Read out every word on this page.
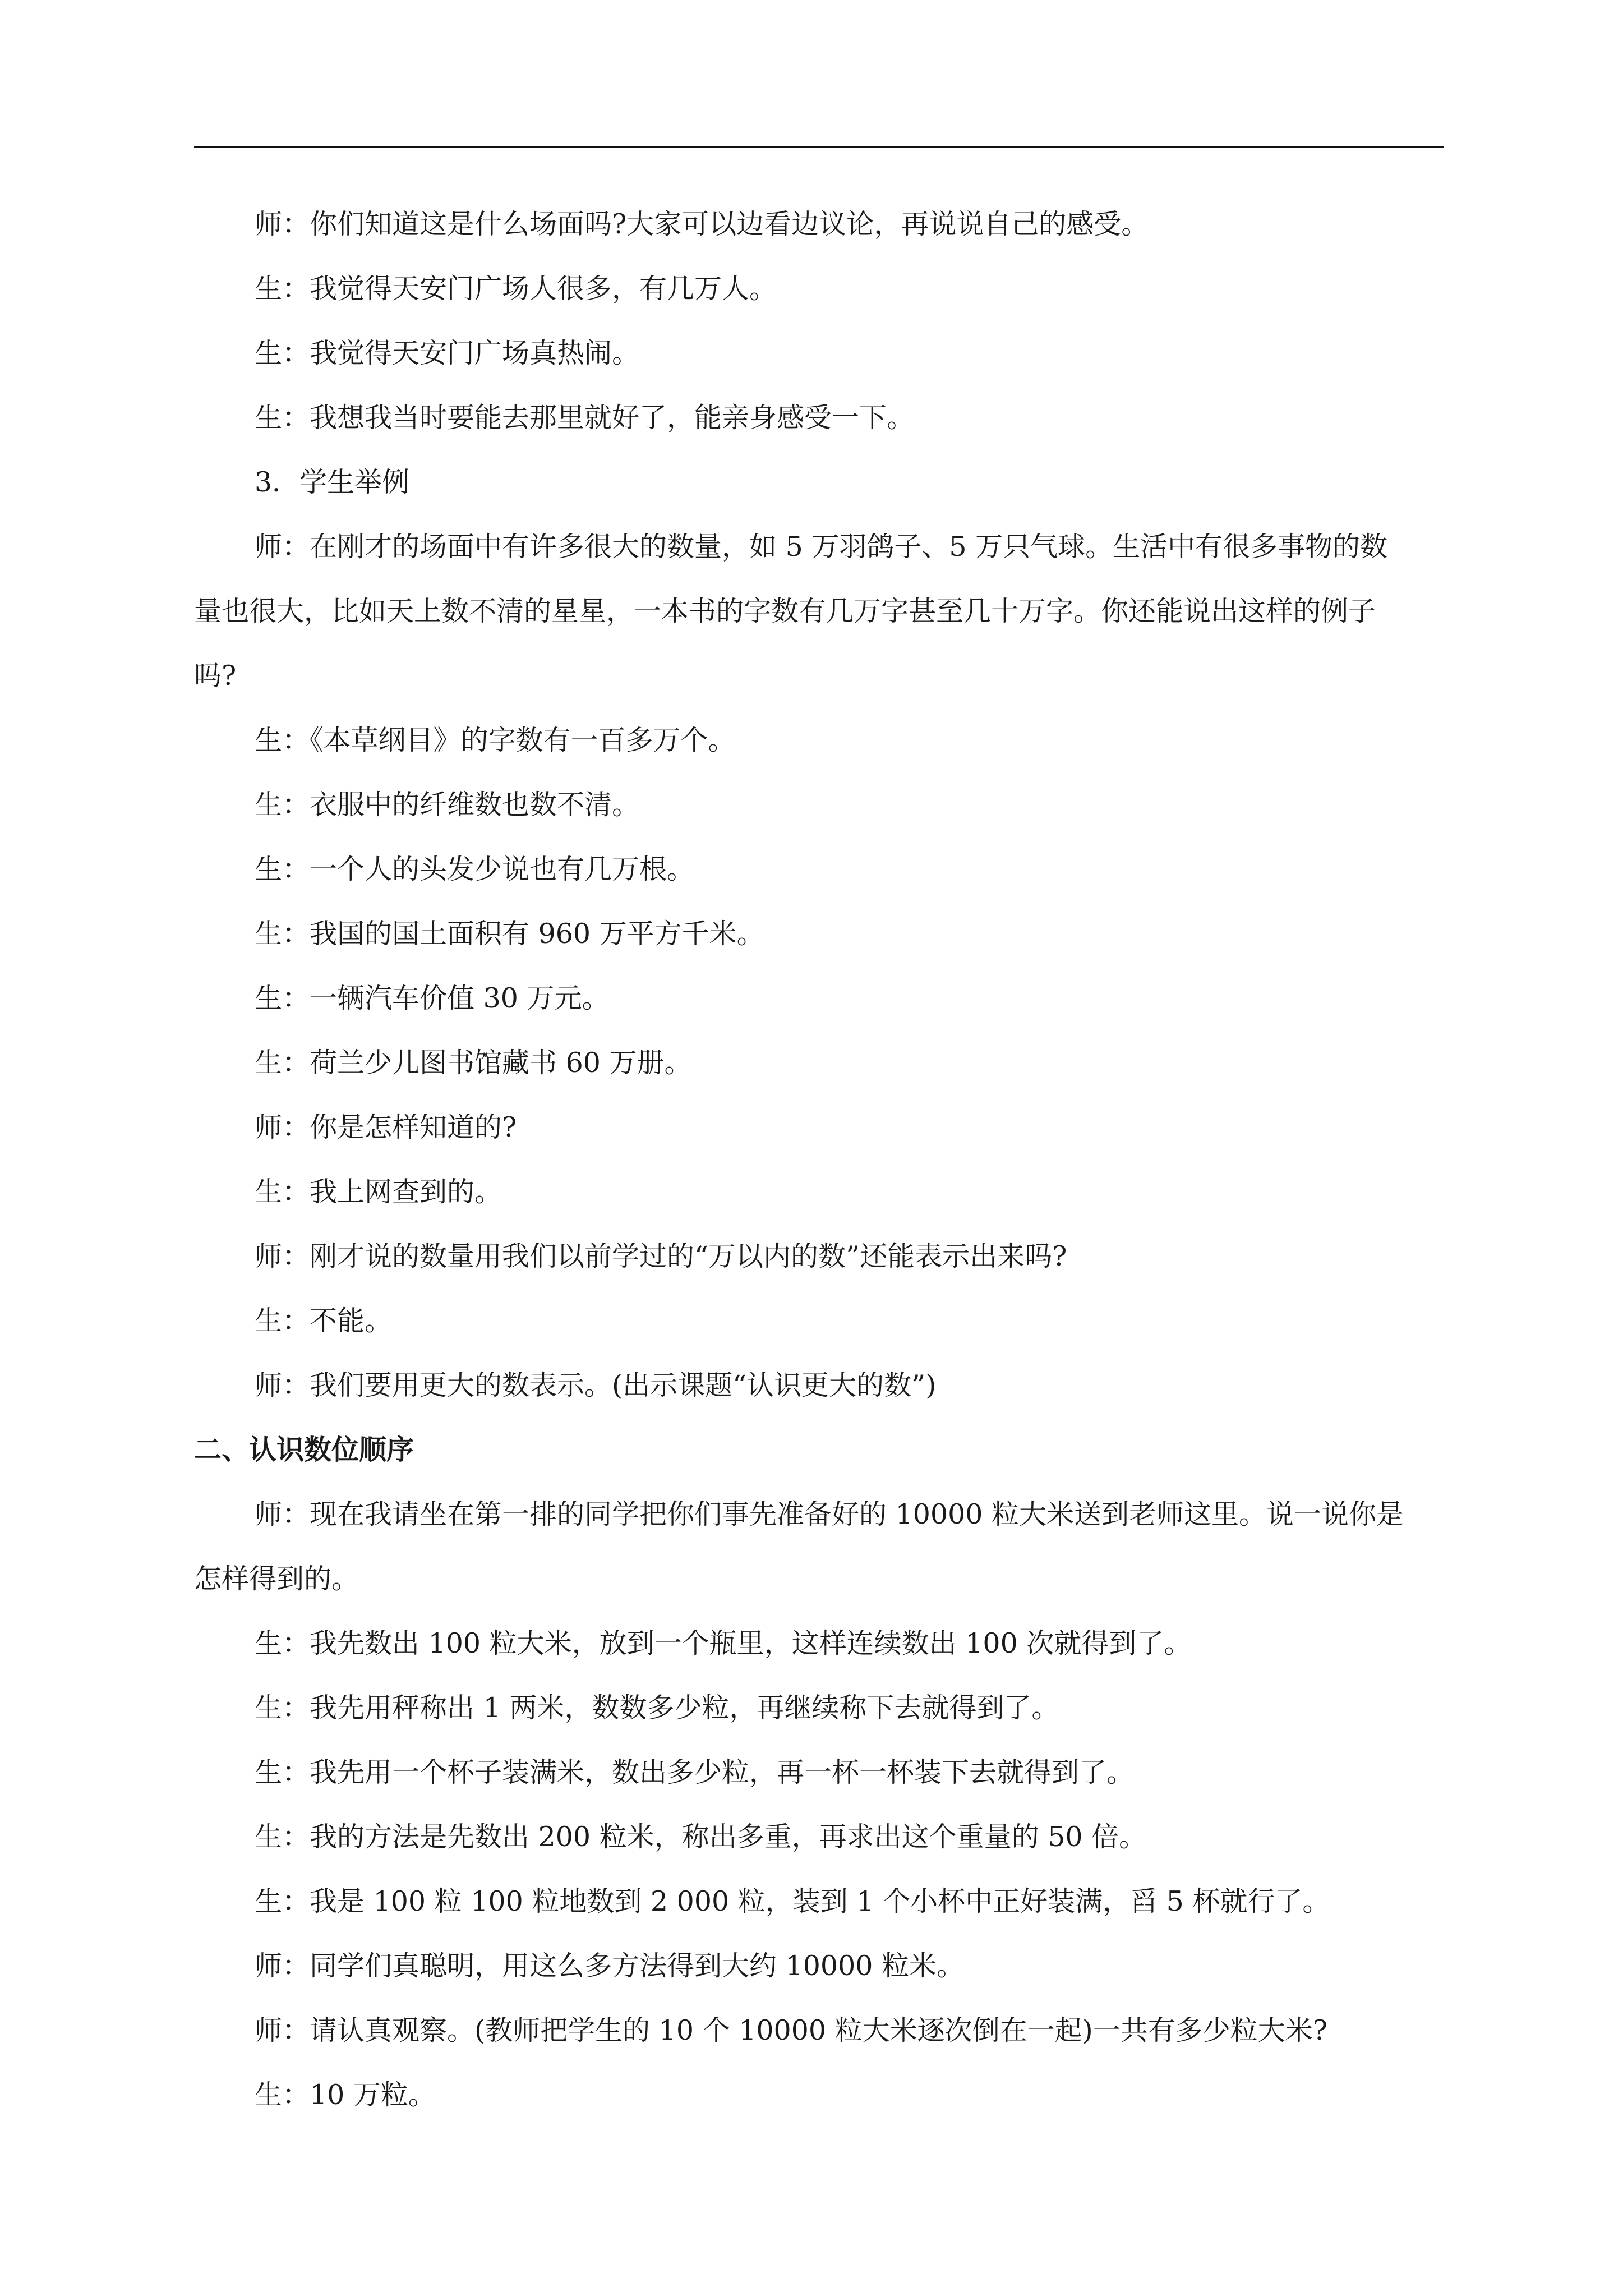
师：你们知道这是什么场面吗?大家可以边看边议论，再说说自己的感受。
生：我觉得天安门广场人很多，有几万人。
生：我觉得天安门广场真热闹。
生：我想我当时要能去那里就好了，能亲身感受一下。
3．学生举例
师：在刚才的场面中有许多很大的数量，如 5 万羽鸽子、5 万只气球。生活中有很多事物的数
量也很大，比如天上数不清的星星，一本书的字数有几万字甚至几十万字。你还能说出这样的例子
吗?
生：《本草纲目》的字数有一百多万个。
生：衣服中的纤维数也数不清。
生：一个人的头发少说也有几万根。
生：我国的国土面积有 960 万平方千米。
生：一辆汽车价值 30 万元。
生：荷兰少儿图书馆藏书 60 万册。
师：你是怎样知道的?
生：我上网查到的。
师：刚才说的数量用我们以前学过的“万以内的数”还能表示出来吗?
生：不能。
师：我们要用更大的数表示。(出示课题“认识更大的数”)
二、认识数位顺序
师：现在我请坐在第一排的同学把你们事先准备好的 10000 粒大米送到老师这里。说一说你是
怎样得到的。
生：我先数出 100 粒大米，放到一个瓶里，这样连续数出 100 次就得到了。
生：我先用秤称出 1 两米，数数多少粒，再继续称下去就得到了。
生：我先用一个杯子装满米，数出多少粒，再一杯一杯装下去就得到了。
生：我的方法是先数出 200 粒米，称出多重，再求出这个重量的 50 倍。
生：我是 100 粒 100 粒地数到 2 000 粒，装到 1 个小杯中正好装满，舀 5 杯就行了。
师：同学们真聪明，用这么多方法得到大约 10000 粒米。
师：请认真观察。(教师把学生的 10 个 10000 粒大米逐次倒在一起)一共有多少粒大米?
生：10 万粒。
